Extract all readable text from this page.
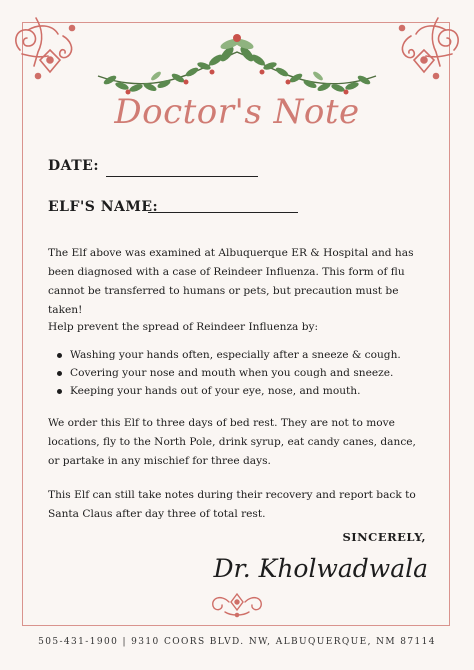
Doctor's Note
DATE:
ELF'S NAME:
The Elf above was examined at Albuquerque ER & Hospital and has been diagnosed with a case of Reindeer Influenza. This form of flu cannot be transferred to humans or pets, but precaution must be taken!
Help prevent the spread of Reindeer Influenza by:
Washing your hands often, especially after a sneeze & cough.
Covering your nose and mouth when you cough and sneeze.
Keeping your hands out of your eye, nose, and mouth.
We order this Elf to three days of bed rest. They are not to move locations, fly to the North Pole, drink syrup, eat candy canes, dance, or partake in any mischief for three days.
This Elf can still take notes during their recovery and report back to Santa Claus after day three of total rest.
SINCERELY,
Dr. Kholwadwala
505-431-1900 | 9310 COORS BLVD. NW, ALBUQUERQUE, NM 87114
